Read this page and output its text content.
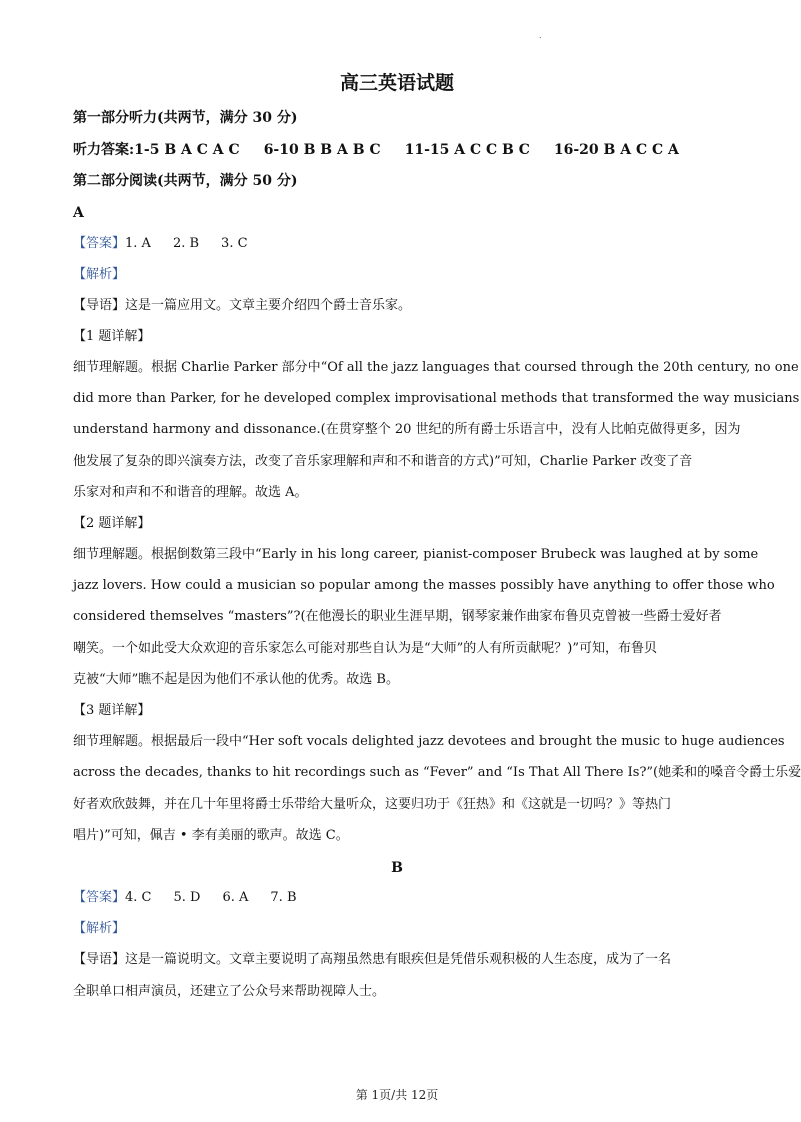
.
高三英语试题
第一部分听力(共两节，满分 30 分)
听力答案:1-5 B A C A C 6-10 B B A B C 11-15 A C C B C 16-20 B A C C A
第二部分阅读(共两节，满分 50 分)
A
【答案】1. A 2. B 3. C
【解析】
【导语】这是一篇应用文。文章主要介绍四个爵士音乐家。
【1 题详解】
细节理解题。根据 Charlie Parker 部分中“Of all the jazz languages that coursed through the 20th century, no one
did more than Parker, for he developed complex improvisational methods that transformed the way musicians
understand harmony and dissonance.(在贯穿整个 20 世纪的所有爵士乐语言中，没有人比帕克做得更多，因为
他发展了复杂的即兴演奏方法，改变了音乐家理解和声和不和谐音的方式)”可知，Charlie Parker 改变了音
乐家对和声和不和谐音的理解。故选 A。
【2 题详解】
细节理解题。根据倒数第三段中“Early in his long career, pianist-composer Brubeck was laughed at by some
jazz lovers. How could a musician so popular among the masses possibly have anything to offer those who
considered themselves “masters”?(在他漫长的职业生涯早期，钢琴家兼作曲家布鲁贝克曾被一些爵士爱好者
嘲笑。一个如此受大众欢迎的音乐家怎么可能对那些自认为是“大师”的人有所贡献呢？)”可知，布鲁贝
克被“大师”瞧不起是因为他们不承认他的优秀。故选 B。
【3 题详解】
细节理解题。根据最后一段中“Her soft vocals delighted jazz devotees and brought the music to huge audiences
across the decades, thanks to hit recordings such as “Fever” and “Is That All There Is?”(她柔和的嗓音令爵士乐爱
好者欢欣鼓舞，并在几十年里将爵士乐带给大量听众，这要归功于《狂热》和《这就是一切吗？》等热门
唱片)”可知，佩吉 • 李有美丽的歌声。故选 C。
B
【答案】4. C 5. D 6. A 7. B
【解析】
【导语】这是一篇说明文。文章主要说明了高翔虽然患有眼疾但是凭借乐观积极的人生态度，成为了一名
全职单口相声演员，还建立了公众号来帮助视障人士。
第 1页/共 12页
